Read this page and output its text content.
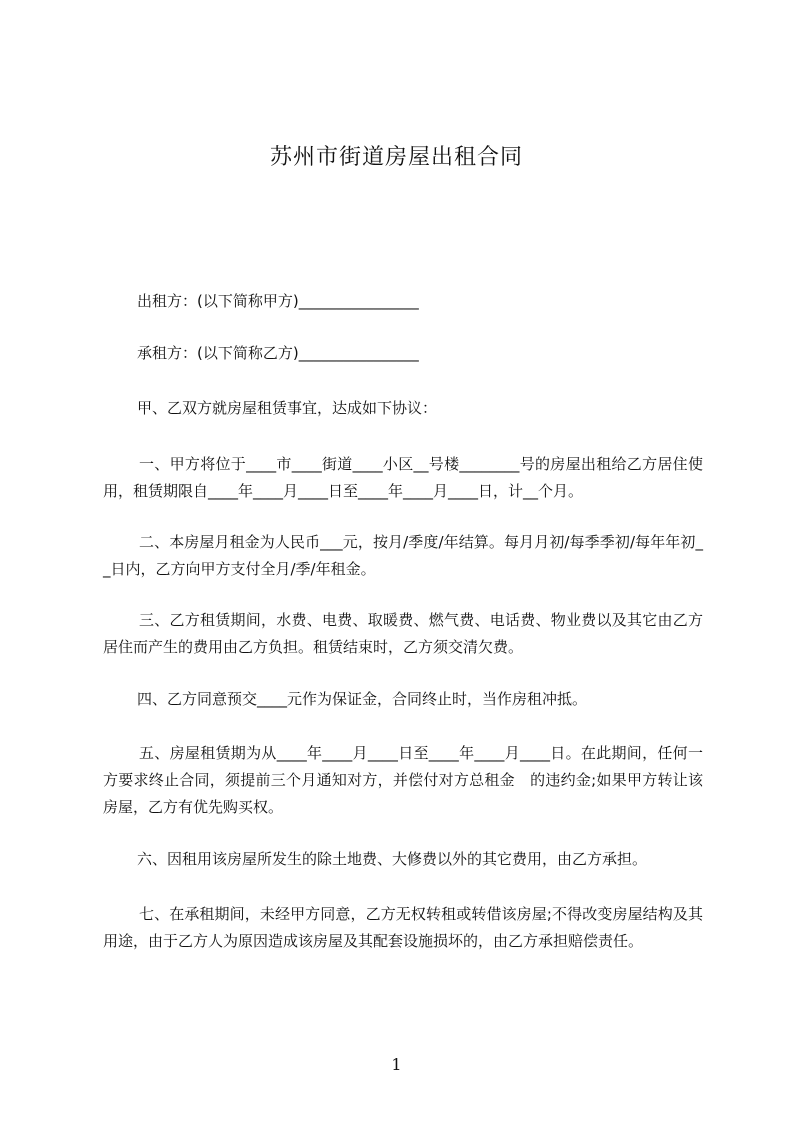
苏州市街道房屋出租合同
出租方：(以下简称甲方)________________
承租方：(以下简称乙方)________________
甲、乙双方就房屋租赁事宜，达成如下协议：
一、甲方将位于____市____街道____小区__号楼________号的房屋出租给乙方居住使用，租赁期限自____年____月____日至____年____月____日，计__个月。
二、本房屋月租金为人民币___元，按月/季度/年结算。每月月初/每季季初/每年年初__日内，乙方向甲方支付全月/季/年租金。
三、乙方租赁期间，水费、电费、取暖费、燃气费、电话费、物业费以及其它由乙方居住而产生的费用由乙方负担。租赁结束时，乙方须交清欠费。
四、乙方同意预交____元作为保证金，合同终止时，当作房租冲抵。
五、房屋租赁期为从____年____月____日至____年____月____日。在此期间，任何一方要求终止合同，须提前三个月通知对方，并偿付对方总租金　的违约金;如果甲方转让该房屋，乙方有优先购买权。
六、因租用该房屋所发生的除土地费、大修费以外的其它费用，由乙方承担。
七、在承租期间，未经甲方同意，乙方无权转租或转借该房屋;不得改变房屋结构及其用途，由于乙方人为原因造成该房屋及其配套设施损坏的，由乙方承担赔偿责任。
1
